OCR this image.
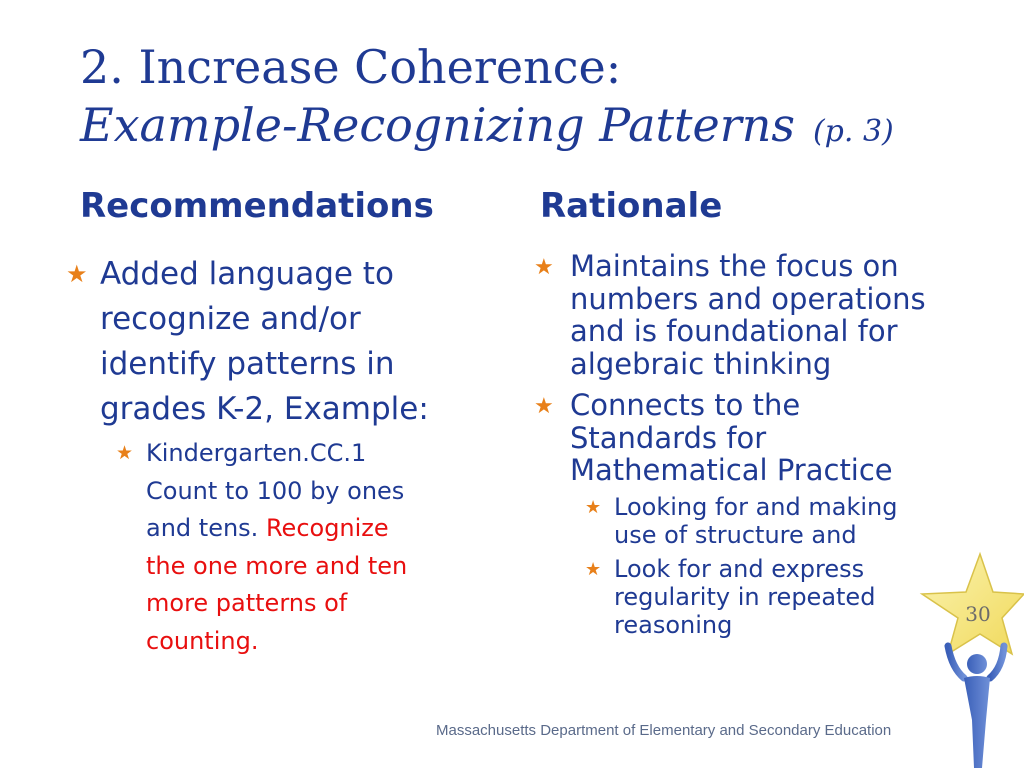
2. Increase Coherence:
Example-Recognizing Patterns (p. 3)
Recommendations	Rationale
★ Added language to
recognize and/or
identify patterns in
grades K-2, Example:
★ Kindergarten.CC.1
Count to 100 by ones
and tens. Recognize
the one more and ten
more patterns of
counting.
★ Maintains the focus on
numbers and operations
and is foundational for
algebraic thinking
★ Connects to the
Standards for
Mathematical Practice
★ Looking for and making
use of structure and
★ Look for and express
regularity in repeated
reasoning	30
Massachusetts Department of Elementary and Secondary Education
